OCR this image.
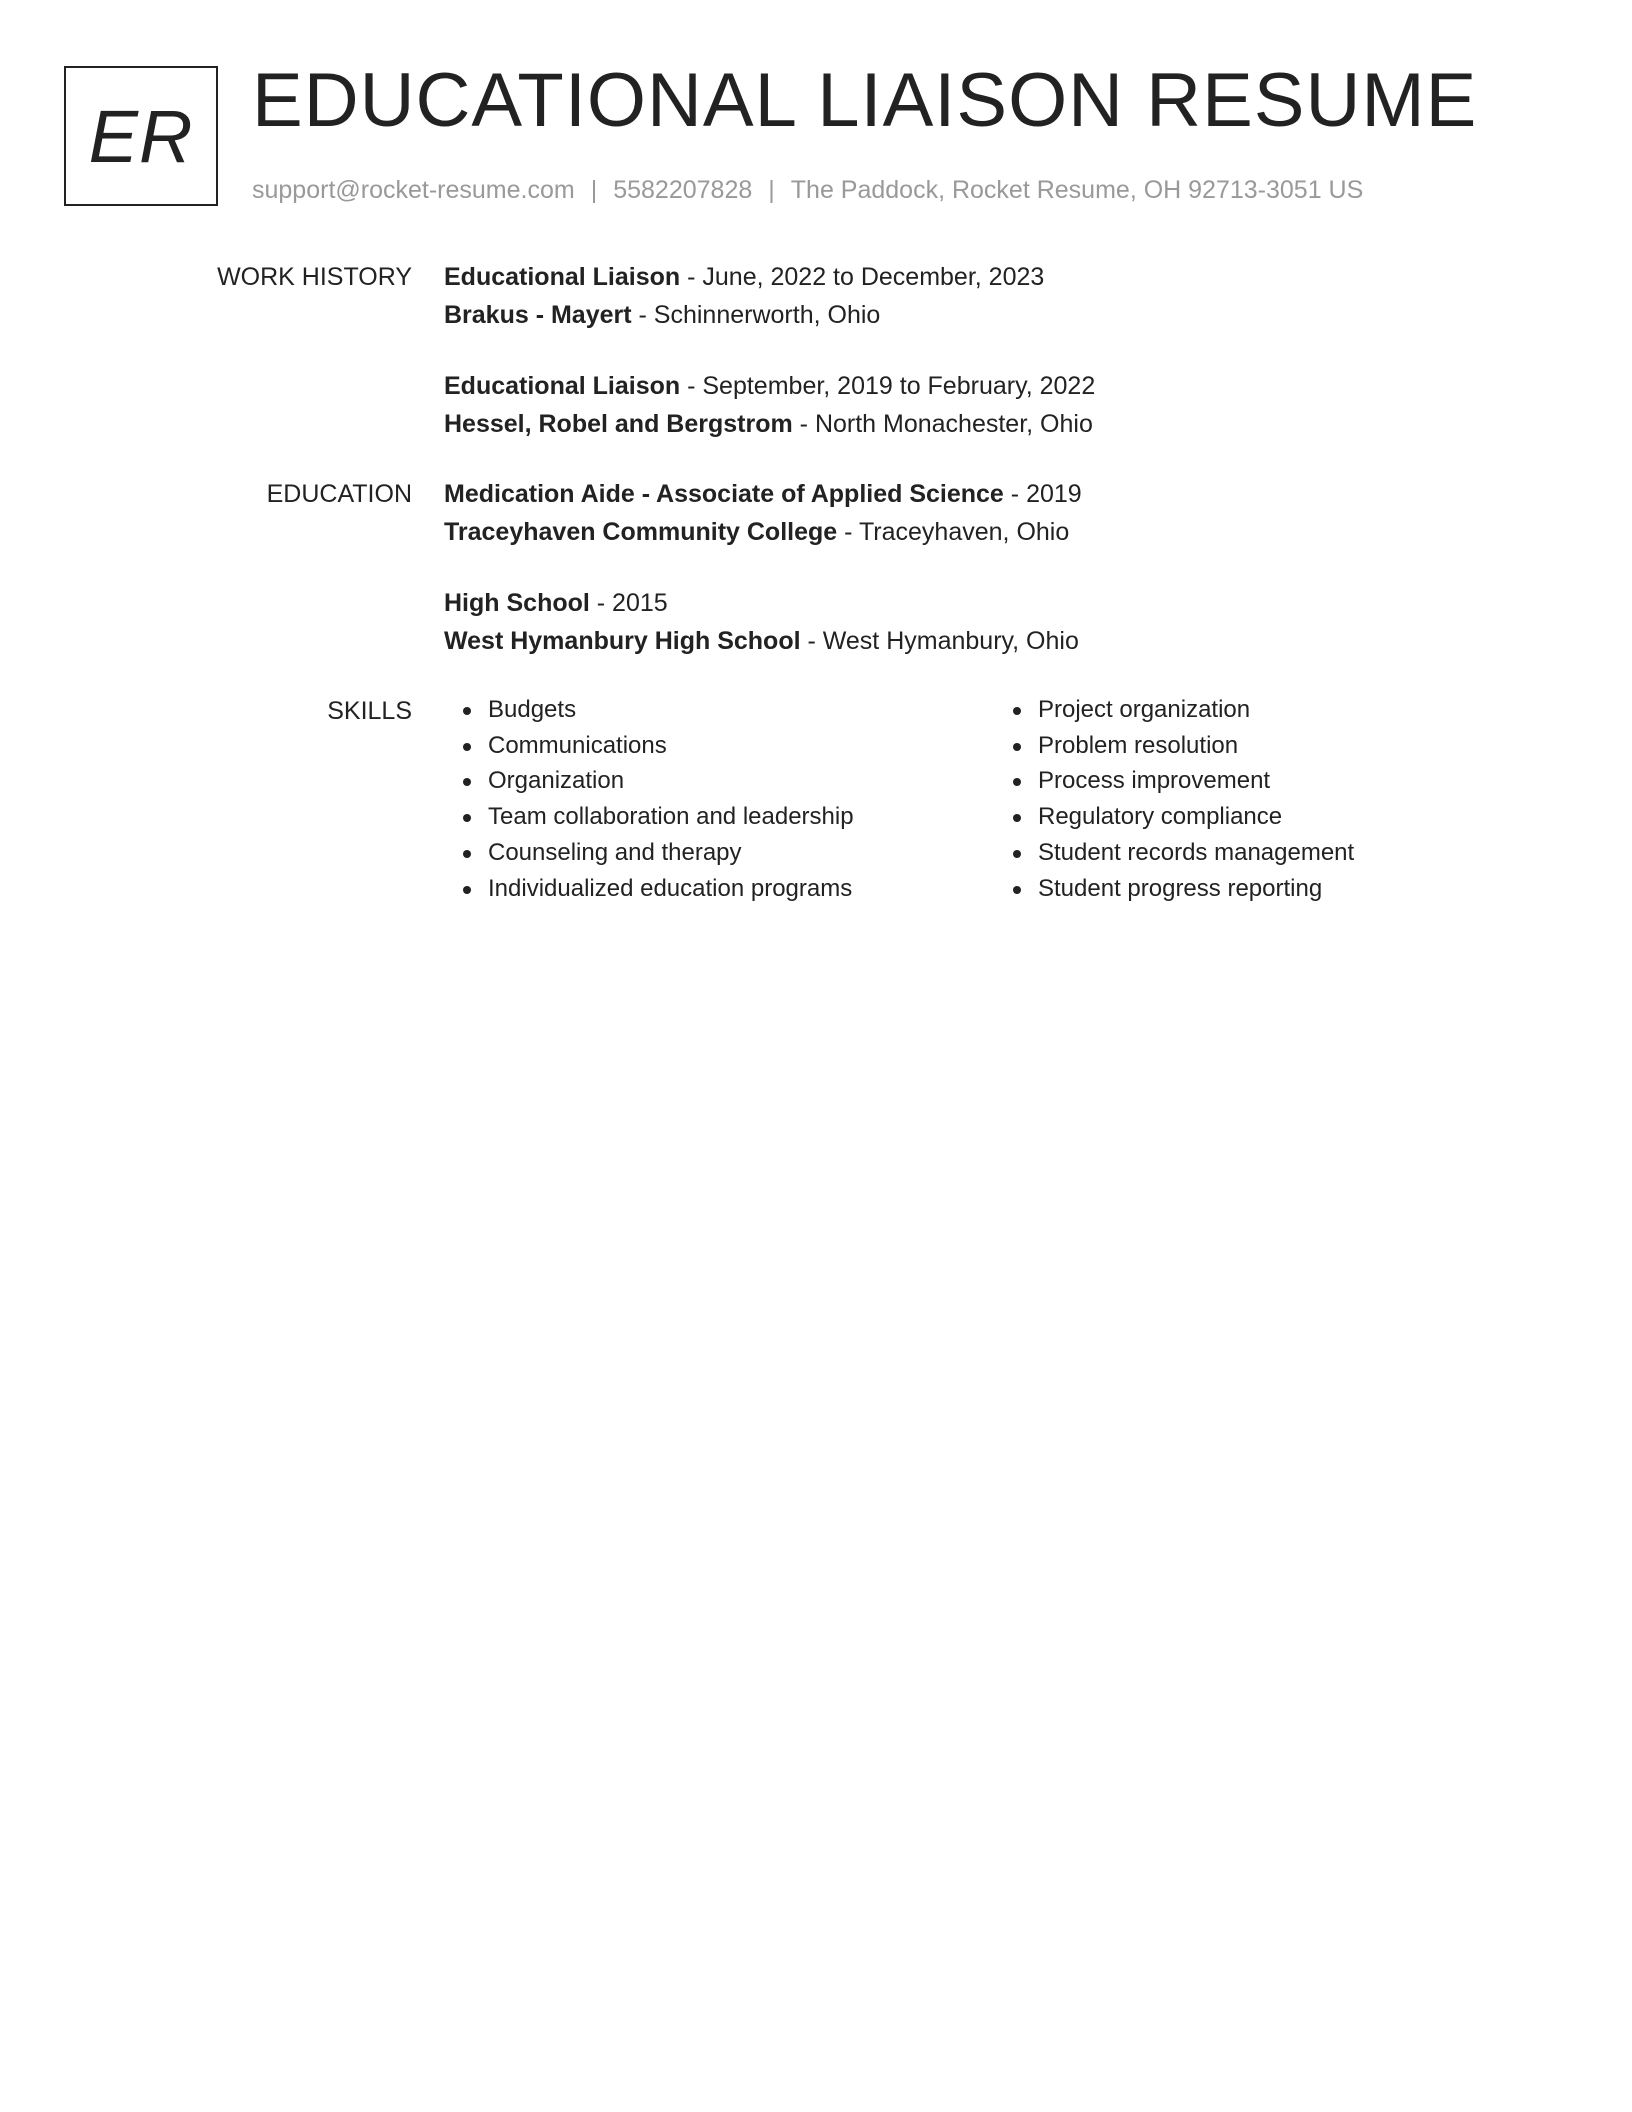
ER EDUCATIONAL LIAISON RESUME
support@rocket-resume.com | 5582207828 | The Paddock, Rocket Resume, OH 92713-3051 US
WORK HISTORY Educational Liaison - June, 2022 to December, 2023
Brakus - Mayert - Schinnerworth, Ohio
Educational Liaison - September, 2019 to February, 2022
Hessel, Robel and Bergstrom - North Monachester, Ohio
EDUCATION Medication Aide - Associate of Applied Science - 2019
Traceyhaven Community College - Traceyhaven, Ohio
High School - 2015
West Hymanbury High School - West Hymanbury, Ohio
SKILLS	Budgets
Communications
Organization
Team collaboration and leadership
Counseling and therapy
Individualized education programs
Project organization
Problem resolution
Process improvement
Regulatory compliance
Student records management
Student progress reporting
